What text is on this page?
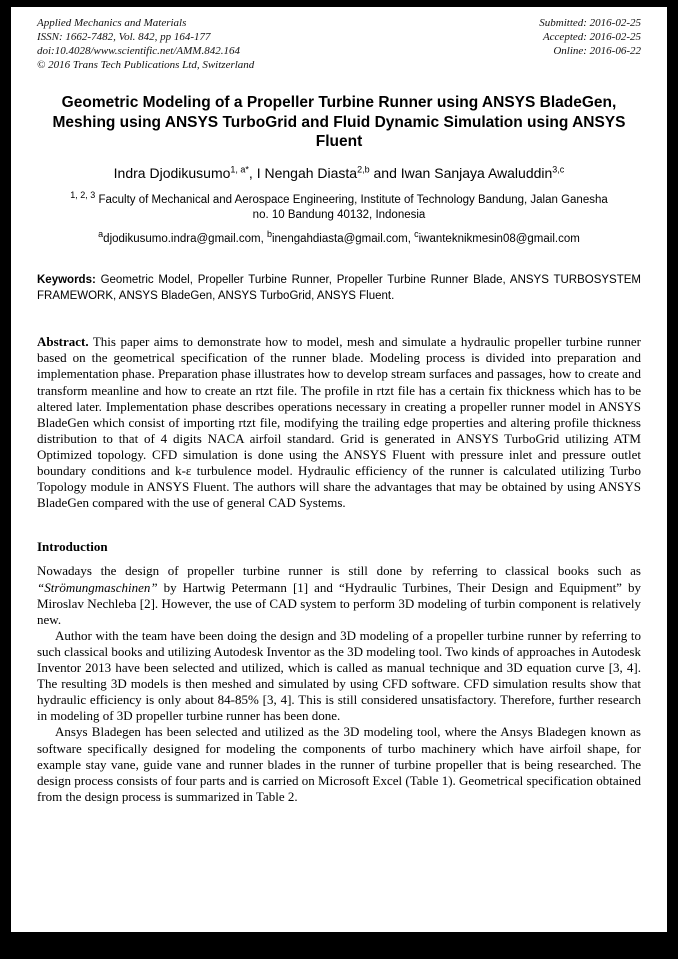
Applied Mechanics and Materials
ISSN: 1662-7482, Vol. 842, pp 164-177
doi:10.4028/www.scientific.net/AMM.842.164
© 2016 Trans Tech Publications Ltd, Switzerland
Submitted: 2016-02-25
Accepted: 2016-02-25
Online: 2016-06-22
Geometric Modeling of a Propeller Turbine Runner using ANSYS BladeGen, Meshing using ANSYS TurboGrid and Fluid Dynamic Simulation using ANSYS Fluent
Indra Djodikusumo$^{1, a*}$, I Nengah Diasta$^{2,b}$ and Iwan Sanjaya Awaluddin$^{3,c}$
$^{1, 2, 3}$ Faculty of Mechanical and Aerospace Engineering, Institute of Technology Bandung, Jalan Ganesha no. 10 Bandung 40132, Indonesia
$^a$djodikusumo.indra@gmail.com, $^b$inengahdiasta@gmail.com, $^c$iwanteknikmesin08@gmail.com
Keywords: Geometric Model, Propeller Turbine Runner, Propeller Turbine Runner Blade, ANSYS TURBOSYSTEM FRAMEWORK, ANSYS BladeGen, ANSYS TurboGrid, ANSYS Fluent.
Abstract. This paper aims to demonstrate how to model, mesh and simulate a hydraulic propeller turbine runner based on the geometrical specification of the runner blade. Modeling process is divided into preparation and implementation phase. Preparation phase illustrates how to develop stream surfaces and passages, how to create and transform meanline and how to create an rtzt file. The profile in rtzt file has a certain fix thickness which has to be altered later. Implementation phase describes operations necessary in creating a propeller runner model in ANSYS BladeGen which consist of importing rtzt file, modifying the trailing edge properties and altering profile thickness distribution to that of 4 digits NACA airfoil standard. Grid is generated in ANSYS TurboGrid utilizing ATM Optimized topology. CFD simulation is done using the ANSYS Fluent with pressure inlet and pressure outlet boundary conditions and k-ε turbulence model. Hydraulic efficiency of the runner is calculated utilizing Turbo Topology module in ANSYS Fluent. The authors will share the advantages that may be obtained by using ANSYS BladeGen compared with the use of general CAD Systems.
Introduction
Nowadays the design of propeller turbine runner is still done by referring to classical books such as “Strömungmaschinen” by Hartwig Petermann [1] and “Hydraulic Turbines, Their Design and Equipment” by Miroslav Nechleba [2]. However, the use of CAD system to perform 3D modeling of turbin component is relatively new.
Author with the team have been doing the design and 3D modeling of a propeller turbine runner by referring to such classical books and utilizing Autodesk Inventor as the 3D modeling tool. Two kinds of approaches in Autodesk Inventor 2013 have been selected and utilized, which is called as manual technique and 3D equation curve [3, 4]. The resulting 3D models is then meshed and simulated by using CFD software. CFD simulation results show that hydraulic efficiency is only about 84-85% [3, 4]. This is still considered unsatisfactory. Therefore, further research in modeling of 3D propeller turbine runner has been done.
Ansys Bladegen has been selected and utilized as the 3D modeling tool, where the Ansys Bladegen known as software specifically designed for modeling the components of turbo machinery which have airfoil shape, for example stay vane, guide vane and runner blades in the runner of turbine propeller that is being researched. The design process consists of four parts and is carried on Microsoft Excel (Table 1). Geometrical specification obtained from the design process is summarized in Table 2.
